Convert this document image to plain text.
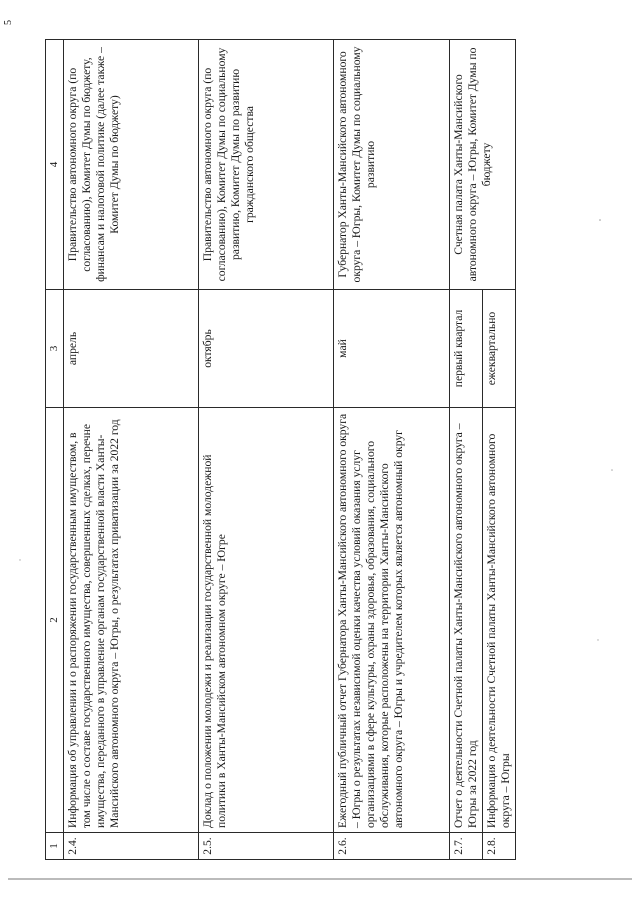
5
1	2	3	4
2.4.	Информация об управлении и о распоряжении государственным имуществом, в том числе о составе государственного имущества, совершенных сделках, перечне имущества, переданного в управление органам государственной власти Ханты-Мансийского автономного округа – Югры, о результатах приватизации за 2022 год	апрель	Правительство автономного округа (по согласованию), Комитет Думы по бюджету, финансам и налоговой политике (далее также – Комитет Думы по бюджету)
2.5.	Доклад о положении молодежи и реализации государственной молодежной политики в Ханты-Мансийском автономном округе – Югре	октябрь	Правительство автономного округа (по согласованию), Комитет Думы по социальному развитию, Комитет Думы по развитию гражданского общества
2.6.	Ежегодный публичный отчет Губернатора Ханты-Мансийского автономного округа – Югры о результатах независимой оценки качества условий оказания услуг организациями в сфере культуры, охраны здоровья, образования, социального обслуживания, которые расположены на территории Ханты-Мансийского автономного округа – Югры и учредителем которых является автономный округ	май	Губернатор Ханты-Мансийского автономного округа – Югры, Комитет Думы по социальному развитию
2.7.	Отчет о деятельности Счетной палаты Ханты-Мансийского автономного округа – Югры за 2022 год	первый квартал	Счетная палата Ханты-Мансийского автономного округа – Югры, Комитет Думы по бюджету
2.8.	Информация о деятельности Счетной палаты Ханты-Мансийского автономного округа – Югры	ежеквартально	
